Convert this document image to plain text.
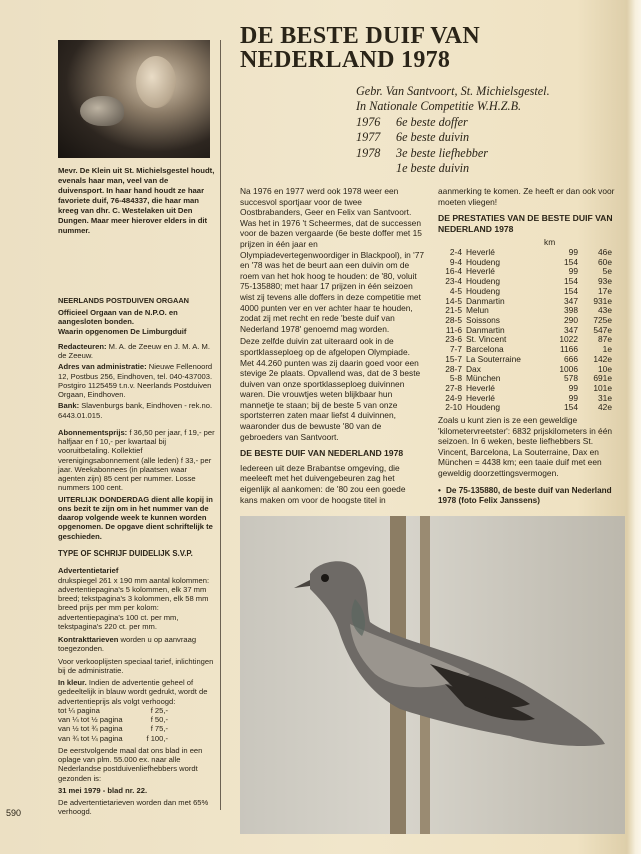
Mevr. De Klein uit St. Michielsgestel houdt, evenals haar man, veel van de duivensport. In haar hand houdt ze haar favoriete duif, 76-484337, die haar man kreeg van dhr. C. Westelaken uit Den Dungen. Maar meer hierover elders in dit nummer.
NEERLANDS POSTDUIVEN ORGAAN
Officieel Orgaan van de N.P.O. en aangesloten bonden.
Waarin opgenomen De Limburgduif
Redacteuren: M. A. de Zeeuw en J. M. A. M. de Zeeuw.
Adres van administratie: Nieuwe Fellenoord 12, Postbus 256, Eindhoven, tel. 040-437003. Postgiro 1125459 t.n.v. Neerlands Postduiven Orgaan, Eindhoven.
Bank: Slavenburgs bank, Eindhoven - rek.no. 6443.01.015.
Abonnementsprijs: f 36,50 per jaar, f 19,- per halfjaar en f 10,- per kwartaal bij vooruitbetaling. Kollektief verenigingsabonnement (alle leden) f 33,- per jaar. Weekabonnees (in plaatsen waar agenten zijn) 85 cent per nummer. Losse nummers 100 cent.
UITERLIJK DONDERDAG dient alle kopij in ons bezit te zijn om in het nummer van de daarop volgende week te kunnen worden opgenomen. De opgave dient schriftelijk te geschieden.
TYPE OF SCHRIJF DUIDELIJK S.V.P.
Advertentietarief
drukspiegel 261 x 190 mm aantal kolommen: advertentiepagina's 5 kolommen, elk 37 mm breed; tekstpagina's 3 kolommen, elk 58 mm breed prijs per mm per kolom: advertentiepagina's 100 ct. per mm, tekstpagina's 220 ct. per mm.
Kontrakttarieven worden u op aanvraag toegezonden.
Voor verkooplijsten speciaal tarief, inlichtingen bij de administratie.
In kleur. Indien de advertentie geheel of gedeeltelijk in blauw wordt gedrukt, wordt de advertentieprijs als volgt verhoogd:
tot ¼ pagina	f 25,-
van ¼ tot ½ pagina	f 50,-
van ½ tot ¾ pagina	f 75,-
van ¾ tot ¼ pagina	f 100,-
De eerstvolgende maal dat ons blad in een oplage van plm. 55.000 ex. naar alle Nederlandse postduivenliefhebbers wordt gezonden is:
31 mei 1979 - blad nr. 22.
De advertentietarieven worden dan met 65% verhoogd.
DE BESTE DUIF VAN NEDERLAND 1978
Gebr. Van Santvoort, St. Michielsgestel.
In Nationale Competitie W.H.Z.B.
1976	6e beste doffer
1977	6e beste duivin
1978	3e beste liefhebber
1e beste duivin

Na 1976 en 1977 werd ook 1978 weer een succesvol sportjaar voor de twee Oostbrabanders, Geer en Felix van Santvoort. Was het in 1976 't Scheermes, dat de successen voor de bazen vergaarde (6e beste doffer met 15 prijzen in één jaar en Olympiadevertegenwoordiger in Blackpool), in '77 en '78 was het de beurt aan een duivin om de roem van het hok hoog te houden: de '80, voluit 75-135880; met haar 17 prijzen in één seizoen wist zij tevens alle doffers in deze competitie met 4000 punten ver en ver achter haar te houden, zodat zij met recht en rede 'beste duif van Nederland 1978' genoemd mag worden.

Deze zelfde duivin zat uiteraard ook in de sportklasseploeg op de afgelopen Olympiade. Met 44.260 punten was zij daarin goed voor een stevige 2e plaats. Opvallend was, dat de 3 beste duiven van onze sportklasseploeg duivinnen waren. Die vrouwtjes weten blijkbaar hun mannetje te staan; bij de beste 5 van onze sportsterren zaten maar liefst 4 duivinnen, waaronder dus de bewuste '80 van de gebroeders van Santvoort.

DE BESTE DUIF VAN NEDERLAND 1978

Iedereen uit deze Brabantse omgeving, die meeleeft met het duivengebeuren zag het eigenlijk al aankomen: de '80 zou een goede kans maken om voor de hoogste titel in

aanmerking te komen. Ze heeft er dan ook voor moeten vliegen!

DE PRESTATIES VAN DE BESTE DUIF VAN NEDERLAND 1978
		km	
2-4	Heverlé	99	46e
9-4	Houdeng	154	60e
16-4	Heverlé	99	5e
23-4	Houdeng	154	93e
4-5	Houdeng	154	17e
14-5	Danmartin	347	931e
21-5	Melun	398	43e
28-5	Soissons	290	725e
11-6	Danmartin	347	547e
23-6	St. Vincent	1022	87e
7-7	Barcelona	1166	1e
15-7	La Souterraine	666	142e
28-7	Dax	1006	10e
5-8	München	578	691e
27-8	Heverlé	99	101e
24-9	Heverlé	99	31e
2-10	Houdeng	154	42e

Zoals u kunt zien is ze een geweldige 'kilometervreetster': 6832 prijskilometers in één seizoen. In 6 weken, beste liefhebbers St. Vincent, Barcelona, La Souterraine, Dax en München = 4438 km; een taaie duif met een geweldig doorzettingsvermogen.

• De 75-135880, de beste duif van Nederland 1978 (foto Felix Janssens)
590
